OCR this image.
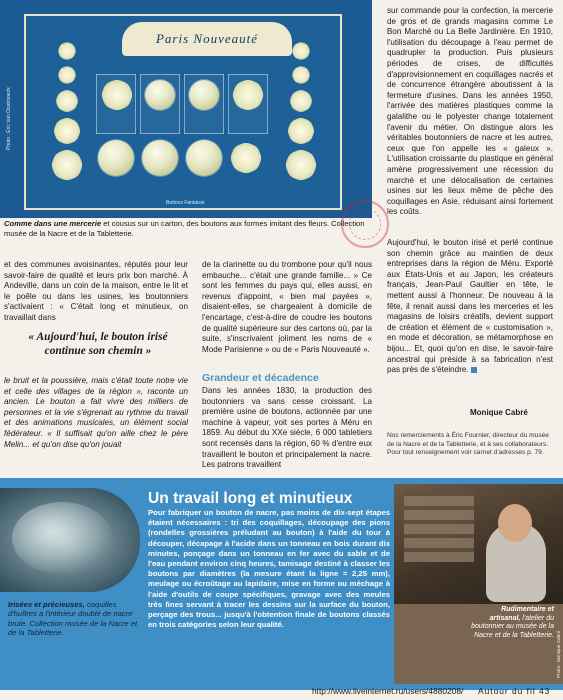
Paris Nouveauté
Photo : Eric Van Oostrooeck
Bottons Fantaisie
Comme dans une mercerie et cousus sur un carton, des boutons aux formes imitant des fleurs. Collection musée de la Nacre et de la Tabletterie.
sur commande pour la confection, la mercerie de gros et de grands magasins comme Le Bon Marché ou La Belle Jardinière. En 1910, l'utilisation du découpage à l'eau permet de quadrupler la production. Puis plusieurs périodes de crises, de difficultés d'approvisionnement en coquillages nacrés et de concurrence étrangère aboutissent à la fermeture d'usines. Dans les années 1950, l'arrivée des matières plastiques comme la galalithe ou le polyester change totalement l'avenir du métier. On distingue alors les véritables boutonniers de nacre et les autres, ceux que l'on appelle les « galeux ». L'utilisation croissante du plastique en général amène progressivement une récession du marché et une délocalisation de certaines usines sur les lieux même de pêche des coquillages en Asie, réduisant ainsi fortement les coûts.
et des communes avoisinantes, réputés pour leur savoir-faire de qualité et leurs prix bon marché. À Andeville, dans un coin de la maison, entre le lit et le poêle ou dans les usines, les boutonniers s'activaient : « C'était long et minutieux, on travaillait dans
« Aujourd'hui, le bouton irisé continue son chemin »
le bruit et la poussière, mais c'était toute notre vie et celle des villages de la région », raconte un ancien. Le bouton a fait vivre des milliers de personnes et la vie s'égrenait au rythme du travail et des animations musicales, un élément social fédérateur. « Il suffisait qu'on aille chez le père Melin... et qu'on dise qu'on jouait
de la clarinette ou du trombone pour qu'il nous embauche... c'était une grande famille... » Ce sont les femmes du pays qui, elles aussi, en revenus d'appoint, « bien mal payées », disaient-elles, se chargeaient à domicile de l'encartage, c'est-à-dire de coudre les boutons de qualité supérieure sur des cartons où, par la suite, s'inscrivaient joliment les noms de « Mode Parisienne » ou de « Paris Nouveauté ».
Grandeur et décadence
Dans les années 1830, la production des boutonniers va sans cesse croissant. La première usine de boutons, actionnée par une machine à vapeur, voit ses portes à Méru en 1859. Au début du XXe siècle, 6 000 tabletiers sont recensés dans la région, 60 % d'entre eux travaillent le bouton et principalement la nacre. Les patrons travaillent
Aujourd'hui, le bouton irisé et perlé continue son chemin grâce au maintien de deux entreprises dans la région de Méru. Exporté aux États-Unis et au Japon, les créateurs français, Jean-Paul Gaultier en tête, le mettent aussi à l'honneur. De nouveau à la fête, il renait aussi dans les merceries et les magasins de loisirs créatifs, devient support de création et élément de « customisation », en mode et décoration, se métamorphose en bijou... Et, quoi qu'on en dise, le savoir-faire ancestral qui préside à sa fabrication n'est pas près de s'éteindre.
Monique Cabré
Nos remerciements à Éric Fournier, directeur du musée de la Nacre et de la Tabletterie, et à ses collaborateurs. Pour tout renseignement voir carnet d'adresses p. 79.
Irisées et précieuses, coquilles d'huîtres à l'intérieur doublé de nacre brute. Collection musée de la Nacre et de la Tabletterie.
Un travail long et minutieux
Pour fabriquer un bouton de nacre, pas moins de dix-sept étapes étaient nécessaires : tri des coquillages, découpage des pions (rondelles grossières préludant au bouton) à l'aide du tour à découper, décapage à l'acide dans un tonneau en bois durant dix minutes, ponçage dans un tonneau en fer avec du sable et de l'eau pendant environ cinq heures, tamisage destiné à classer les boutons par diamètres (la mesure étant la ligne = 2,25 mm), meulage ou écroûtage au lapidaire, mise en forme ou méchage à l'aide d'outils de coupe spécifiques, gravage avec des meules très fines servant à tracer les dessins sur la surface du bouton, perçage des trous... jusqu'à l'obtention finale de boutons classés en trois catégories selon leur qualité.
Rudimentaire et artisanal, l'atelier du boutonnier au musée de la Nacre et de la Tabletterie. Photo : Monique Cabré
http://www.liveinternet.ru/users/4880208/ Autour du fil 43
